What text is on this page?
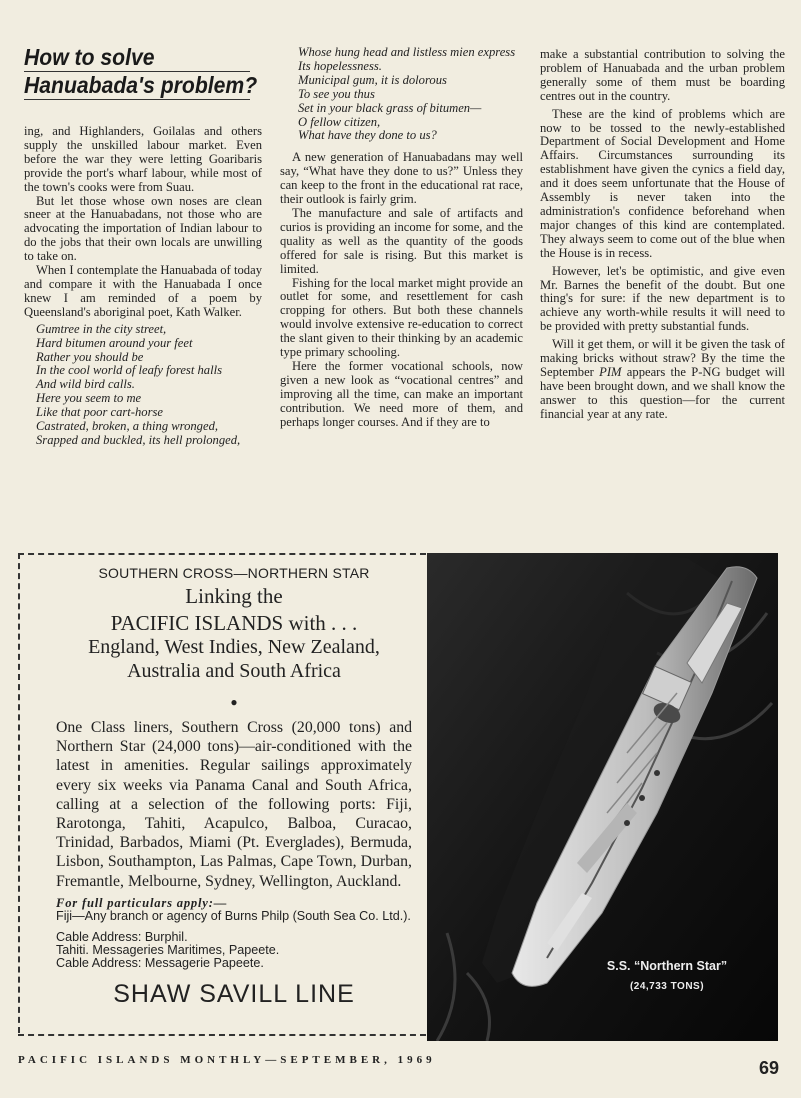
How to solve
Hanuabada's problem?

ing, and Highlanders, Goilalas and others supply the unskilled labour market. Even before the war they were letting Goaribaris provide the port's wharf labour, while most of the town's cooks were from Suau.

But let those whose own noses are clean sneer at the Hanuabadans, not those who are advocating the importation of Indian labour to do the jobs that their own locals are unwilling to take on.

When I contemplate the Hanuabada of today and compare it with the Hanuabada I once knew I am reminded of a poem by Queensland's aboriginal poet, Kath Walker.

Gumtree in the city street,
Hard bitumen around your feet
Rather you should be
In the cool world of leafy forest halls
And wild bird calls.
Here you seem to me
Like that poor cart-horse
Castrated, broken, a thing wronged,
Srapped and buckled, its hell prolonged,
Whose hung head and listless mien express
Its hopelessness.
Municipal gum, it is dolorous
To see you thus
Set in your black grass of bitumen—
O fellow citizen,
What have they done to us?

A new generation of Hanuabadans may well say, “What have they done to us?” Unless they can keep to the front in the educational rat race, their outlook is fairly grim.

The manufacture and sale of artifacts and curios is providing an income for some, and the quality as well as the quantity of the goods offered for sale is rising. But this market is limited.

Fishing for the local market might provide an outlet for some, and resettlement for cash cropping for others. But both these channels would involve extensive re-education to correct the slant given to their thinking by an academic type primary schooling.

Here the former vocational schools, now given a new look as “vocational centres” and improving all the time, can make an important contribution. We need more of them, and perhaps longer courses. And if they are to

make a substantial contribution to solving the problem of Hanuabada and the urban problem generally some of them must be boarding centres out in the country.

These are the kind of problems which are now to be tossed to the newly-established Department of Social Development and Home Affairs. Circumstances surrounding its establishment have given the cynics a field day, and it does seem unfortunate that the House of Assembly is never taken into the administration's confidence beforehand when major changes of this kind are contemplated. They always seem to come out of the blue when the House is in recess.

However, let's be optimistic, and give even Mr. Barnes the benefit of the doubt. But one thing's for sure: if the new department is to achieve any worth-while results it will need to be provided with pretty substantial funds.

Will it get them, or will it be given the task of making bricks without straw? By the time the September PIM appears the P-NG budget will have been brought down, and we shall know the answer to this question—for the current financial year at any rate.

SOUTHERN CROSS—NORTHERN STAR
Linking the
PACIFIC ISLANDS with . . .
England, West Indies, New Zealand,
Australia and South Africa
●
One Class liners, Southern Cross (20,000 tons) and Northern Star (24,000 tons)—air-conditioned with the latest in amenities. Regular sailings approximately every six weeks via Panama Canal and South Africa, calling at a selection of the following ports: Fiji, Rarotonga, Tahiti, Acapulco, Balboa, Curacao, Trinidad, Barbados, Miami (Pt. Everglades), Bermuda, Lisbon, Southampton, Las Palmas, Cape Town, Durban, Fremantle, Melbourne, Sydney, Wellington, Auckland.
For full particulars apply:—
Fiji—Any branch or agency of Burns Philp (South Sea Co. Ltd.).
Cable Address: Burphil.
Tahiti. Messageries Maritimes, Papeete.
Cable Address: Messagerie Papeete.
SHAW SAVILL LINE
S.S. “Northern Star”
(24,733 TONS)
PACIFIC ISLANDS MONTHLY—SEPTEMBER, 1969	69
